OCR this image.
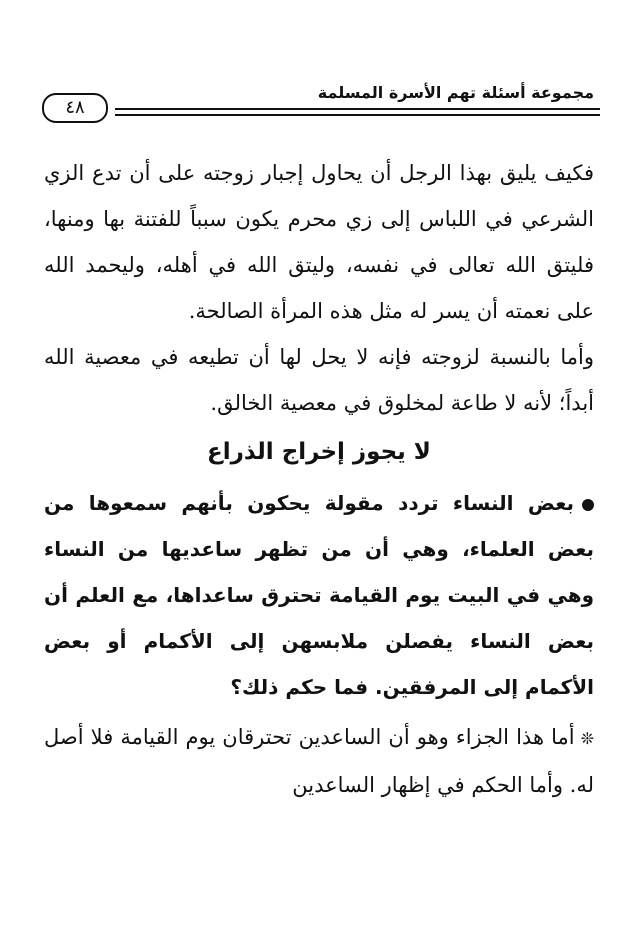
مجموعة أسئلة تهم الأسرة المسلمة
٤٨

فكيف يليق بهذا الرجل أن يحاول إجبار زوجته على أن تدع الزي الشرعي في اللباس إلى زي محرم يكون سبباً للفتنة بها ومنها، فليتق الله تعالى في نفسه، وليتق الله في أهله، وليحمد الله على نعمته أن يسر له مثل هذه المرأة الصالحة.

وأما بالنسبة لزوجته فإنه لا يحل لها أن تطيعه في معصية الله أبداً؛ لأنه لا طاعة لمخلوق في معصية الخالق.

لا يجوز إخراج الذراع

بعض النساء تردد مقولة يحكون بأنهم سمعوها من بعض العلماء، وهي أن من تظهر ساعديها من النساء وهي في البيت يوم القيامة تحترق ساعداها، مع العلم أن بعض النساء يفصلن ملابسهن إلى الأكمام أو بعض الأكمام إلى المرفقين. فما حكم ذلك؟

❊أما هذا الجزاء وهو أن الساعدين تحترقان يوم القيامة فلا أصل له. وأما الحكم في إظهار الساعدين
